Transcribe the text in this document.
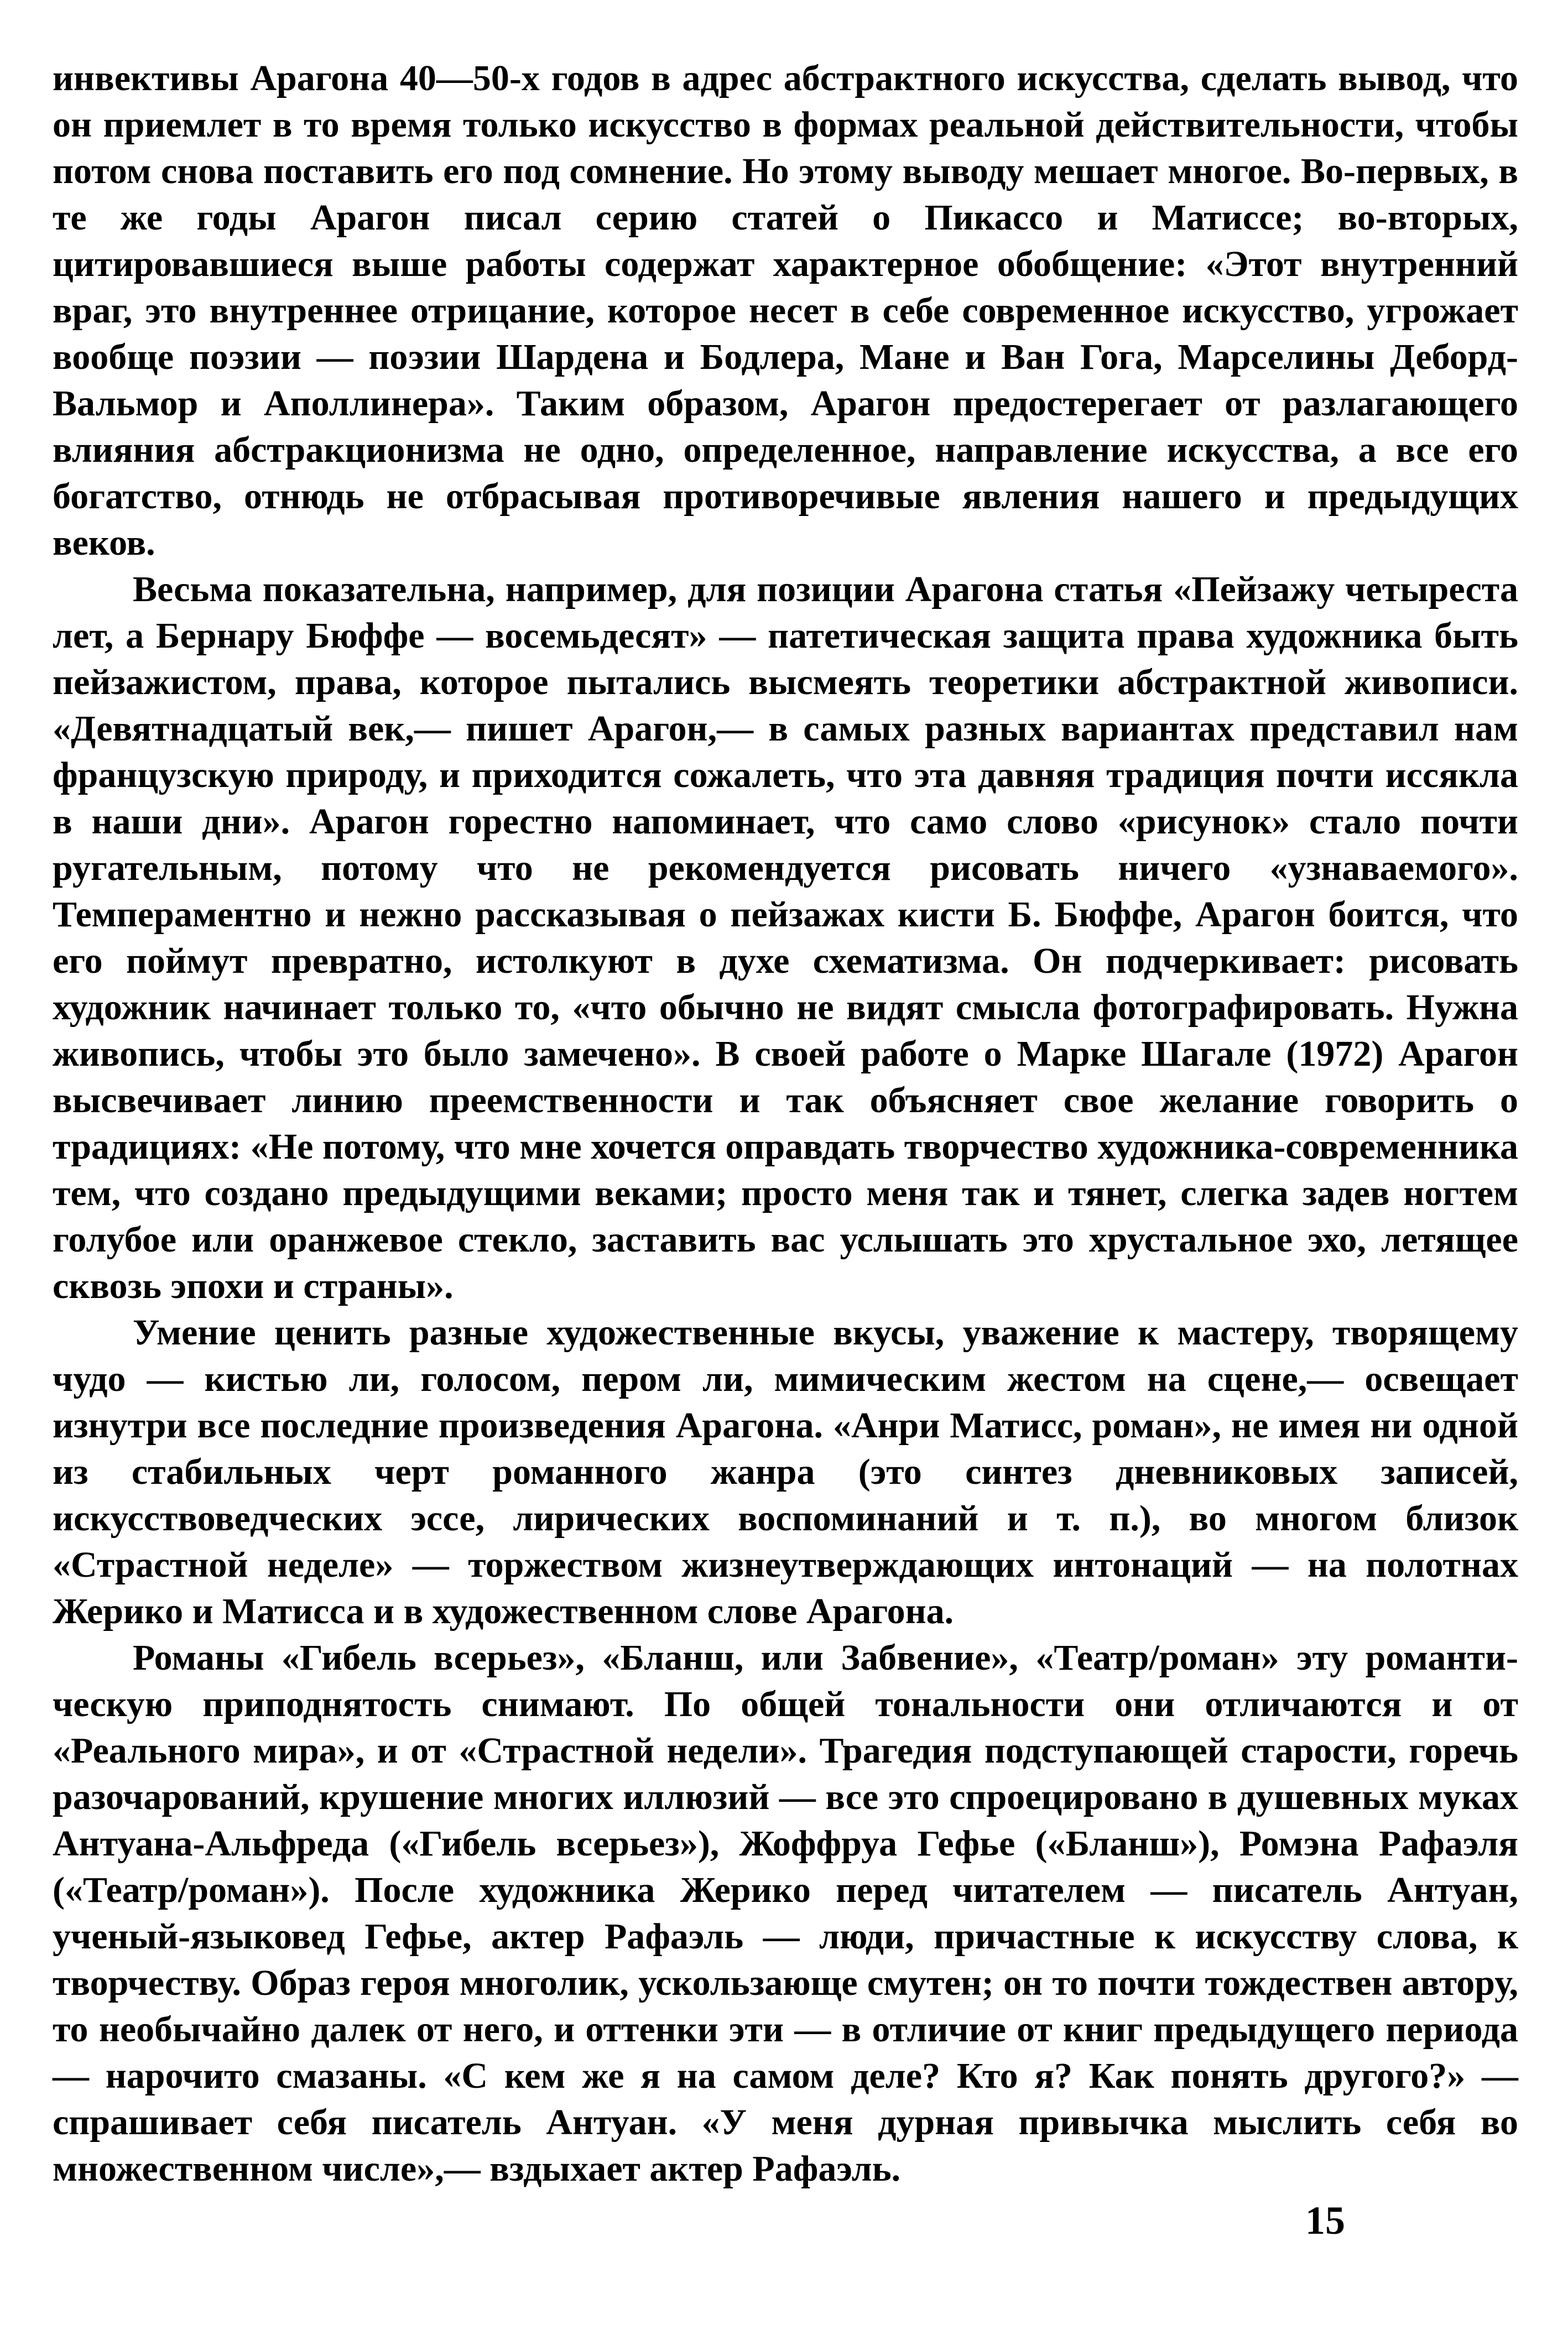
инвективы Арагона 40—50-х годов в адрес абстрактного искусства, сделать вывод, что он приемлет в то время только искусство в формах реальной действительности, чтобы потом снова поставить его под сомнение. Но этому выводу мешает многое. Во-первых, в те же годы Арагон писал серию статей о Пикассо и Матиссе; во-вторых, цитировавшиеся выше работы содержат характерное обобщение: «Этот внутренний враг, это внутреннее отрицание, которое несет в себе современное искусство, угрожает вообще поэзии — поэзии Шардена и Бодлера, Мане и Ван Гога, Марселины Деборд-Вальмор и Аполлинера». Таким образом, Арагон предостерегает от разлагающего влияния абстракционизма не одно, определенное, направление искусства, а все его богатство, отнюдь не отбрасывая противоречивые явления нашего и предыдущих веков.

Весьма показательна, например, для позиции Арагона статья «Пейзажу четыреста лет, а Бернару Бюффе — восемьдесят» — патетическая защита права художника быть пейзажистом, права, которое пытались высмеять теоретики абстрактной живописи. «Девятнадцатый век,— пишет Арагон,— в самых разных вариантах представил нам французскую природу, и приходится сожалеть, что эта давняя традиция почти иссякла в наши дни». Арагон горестно напоминает, что само слово «рисунок» стало почти ругательным, потому что не рекомендуется рисовать ничего «узнаваемого». Темпераментно и нежно рассказывая о пейзажах кисти Б. Бюффе, Арагон боится, что его поймут превратно, истолкуют в духе схематизма. Он подчеркивает: рисовать художник начинает только то, «что обычно не видят смысла фотографировать. Нужна живопись, чтобы это было замечено». В своей работе о Марке Шагале (1972) Арагон высвечивает линию преемственности и так объясняет свое желание говорить о традициях: «Не потому, что мне хочется оправдать творчество художника-современника тем, что создано предыдущими веками; просто меня так и тянет, слегка задев ногтем голубое или оранжевое стекло, заставить вас услышать это хрустальное эхо, летящее сквозь эпохи и страны».

Умение ценить разные художественные вкусы, уважение к мастеру, творящему чудо — кистью ли, голосом, пером ли, мимическим жестом на сцене,— освещает изнутри все последние произведения Арагона. «Анри Матисс, роман», не имея ни одной из стабильных черт романного жанра (это синтез дневниковых записей, искусствоведческих эссе, лирических воспоминаний и т. п.), во многом близок «Страстной неделе» — торжеством жизнеутверждающих интонаций — на полотнах Жерико и Матисса и в художественном слове Арагона.

Романы «Гибель всерьез», «Бланш, или Забвение», «Театр/роман» эту романтическую приподнятость снимают. По общей тональности они отличаются и от «Реального мира», и от «Страстной недели». Трагедия подступающей старости, горечь разочарований, крушение многих иллюзий — все это спроецировано в душевных муках Антуана-Альфреда («Гибель всерьез»), Жоффруа Гефье («Бланш»), Ромэна Рафаэля («Театр/роман»). После художника Жерико перед читателем — писатель Антуан, ученый-языковед Гефье, актер Рафаэль — люди, причастные к искусству слова, к творчеству. Образ героя многолик, ускользающе смутен; он то почти тождествен автору, то необычайно далек от него, и оттенки эти — в отличие от книг предыдущего периода — нарочито смазаны. «С кем же я на самом деле? Кто я? Как понять другого?» — спрашивает себя писатель Антуан. «У меня дурная привычка мыслить себя во множественном числе»,— вздыхает актер Рафаэль.

15
